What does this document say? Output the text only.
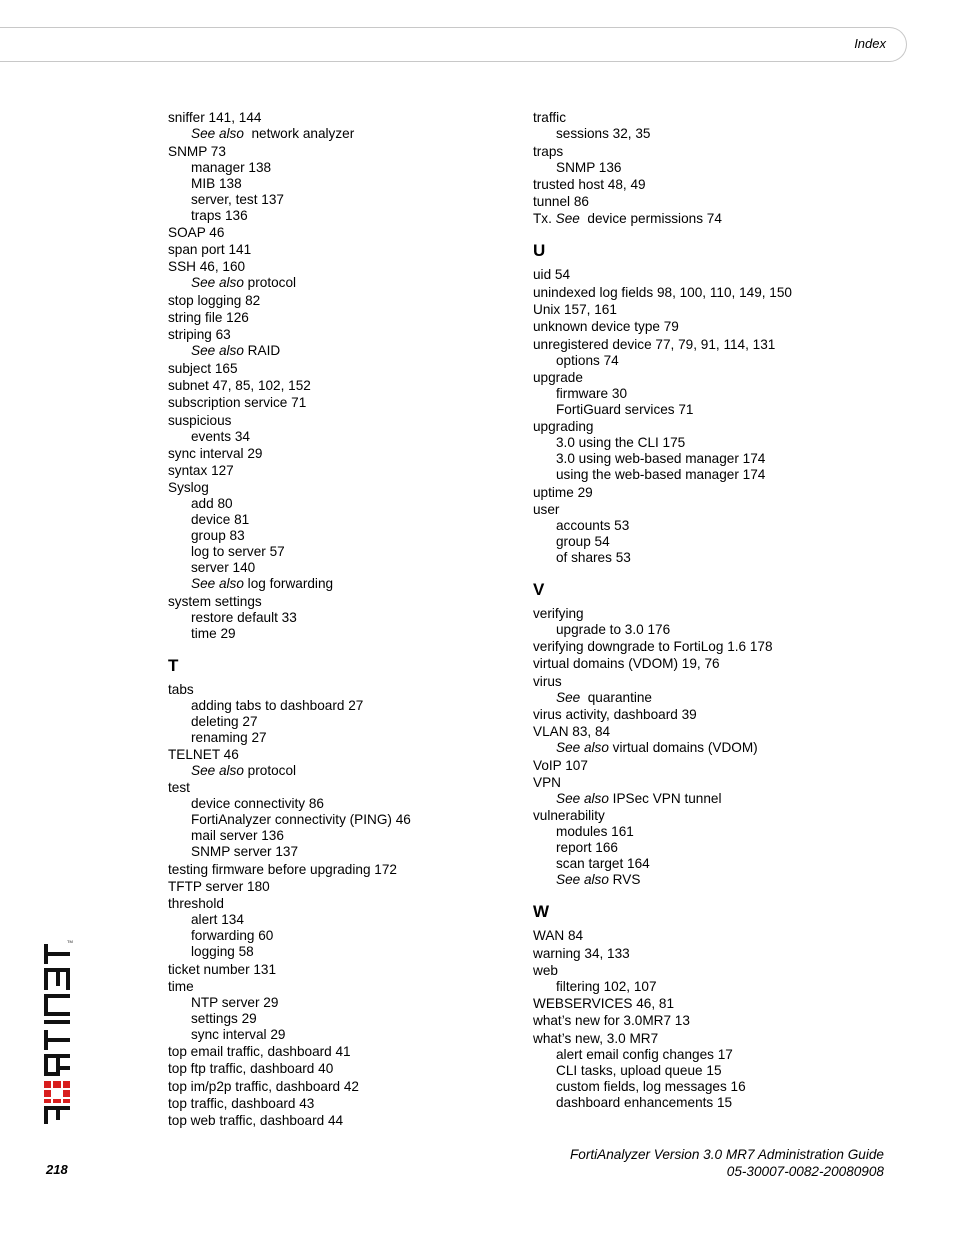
Index
sniffer 141, 144
See also  network analyzer
SNMP 73
manager 138
MIB 138
server, test 137
traps 136
SOAP 46
span port 141
SSH 46, 160
See also protocol
stop logging 82
string file 126
striping 63
See also RAID
subject 165
subnet 47, 85, 102, 152
subscription service 71
suspicious
events 34
sync interval 29
syntax 127
Syslog
add 80
device 81
group 83
log to server 57
server 140
See also log forwarding
system settings
restore default 33
time 29
T
tabs
adding tabs to dashboard 27
deleting 27
renaming 27
TELNET 46
See also protocol
test
device connectivity 86
FortiAnalyzer connectivity (PING) 46
mail server 136
SNMP server 137
testing firmware before upgrading 172
TFTP server 180
threshold
alert 134
forwarding 60
logging 58
ticket number 131
time
NTP server 29
settings 29
sync interval 29
top email traffic, dashboard 41
top ftp traffic, dashboard 40
top im/p2p traffic, dashboard 42
top traffic, dashboard 43
top web traffic, dashboard 44
traffic
sessions 32, 35
traps
SNMP 136
trusted host 48, 49
tunnel 86
Tx. See  device permissions 74
U
uid 54
unindexed log fields 98, 100, 110, 149, 150
Unix 157, 161
unknown device type 79
unregistered device 77, 79, 91, 114, 131
options 74
upgrade
firmware 30
FortiGuard services 71
upgrading
3.0 using the CLI 175
3.0 using web-based manager 174
using the web-based manager 174
uptime 29
user
accounts 53
group 54
of shares 53
V
verifying
upgrade to 3.0 176
verifying downgrade to FortiLog 1.6 178
virtual domains (VDOM) 19, 76
virus
See  quarantine
virus activity, dashboard 39
VLAN 83, 84
See also virtual domains (VDOM)
VoIP 107
VPN
See also IPSec VPN tunnel
vulnerability
modules 161
report 166
scan target 164
See also RVS
W
WAN 84
warning 34, 133
web
filtering 102, 107
WEBSERVICES 46, 81
what’s new for 3.0MR7 13
what’s new, 3.0 MR7
alert email config changes 17
CLI tasks, upload queue 15
custom fields, log messages 16
dashboard enhancements 15
TM
218
FortiAnalyzer Version 3.0 MR7 Administration Guide
05-30007-0082-20080908
